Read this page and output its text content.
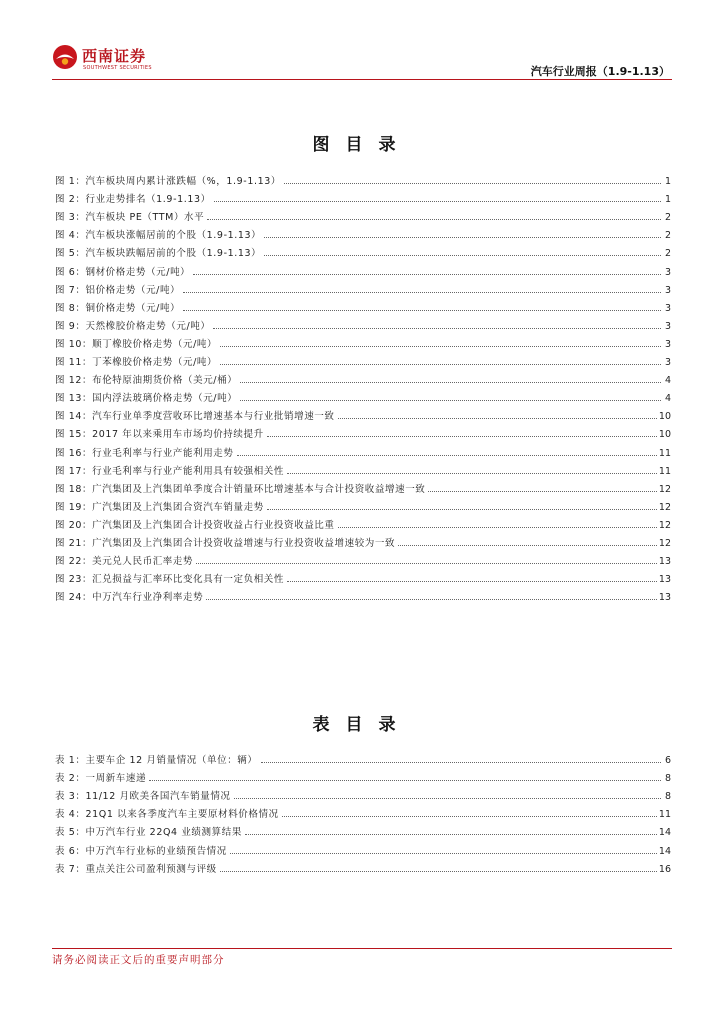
西南证券
SOUTHWEST SECURITIES	汽车行业周报（1.9-1.13）
图目录
图 1：汽车板块周内累计涨跌幅（%，1.9-1.13）	1
图 2：行业走势排名（1.9-1.13）	1
图 3：汽车板块 PE（TTM）水平	2
图 4：汽车板块涨幅居前的个股（1.9-1.13）	2
图 5：汽车板块跌幅居前的个股（1.9-1.13）	2
图 6：钢材价格走势（元/吨）	3
图 7：铝价格走势（元/吨）	3
图 8：铜价格走势（元/吨）	3
图 9：天然橡胶价格走势（元/吨）	3
图 10：顺丁橡胶价格走势（元/吨）	3
图 11：丁苯橡胶价格走势（元/吨）	3
图 12：布伦特原油期货价格（美元/桶）	4
图 13：国内浮法玻璃价格走势（元/吨）	4
图 14：汽车行业单季度营收环比增速基本与行业批销增速一致	10
图 15：2017 年以来乘用车市场均价持续提升	10
图 16：行业毛利率与行业产能利用走势	11
图 17：行业毛利率与行业产能利用具有较强相关性	11
图 18：广汽集团及上汽集团单季度合计销量环比增速基本与合计投资收益增速一致	12
图 19：广汽集团及上汽集团合资汽车销量走势	12
图 20：广汽集团及上汽集团合计投资收益占行业投资收益比重	12
图 21：广汽集团及上汽集团合计投资收益增速与行业投资收益增速较为一致	12
图 22：美元兑人民币汇率走势	13
图 23：汇兑损益与汇率环比变化具有一定负相关性	13
图 24：中万汽车行业净利率走势	13
表目录
表 1：主要车企 12 月销量情况（单位：辆）	6
表 2：一周新车速递	8
表 3：11/12 月欧美各国汽车销量情况	8
表 4：21Q1 以来各季度汽车主要原材料价格情况	11
表 5：中万汽车行业 22Q4 业绩测算结果	14
表 6：中万汽车行业标的业绩预告情况	14
表 7：重点关注公司盈利预测与评级	16
请务必阅读正文后的重要声明部分
